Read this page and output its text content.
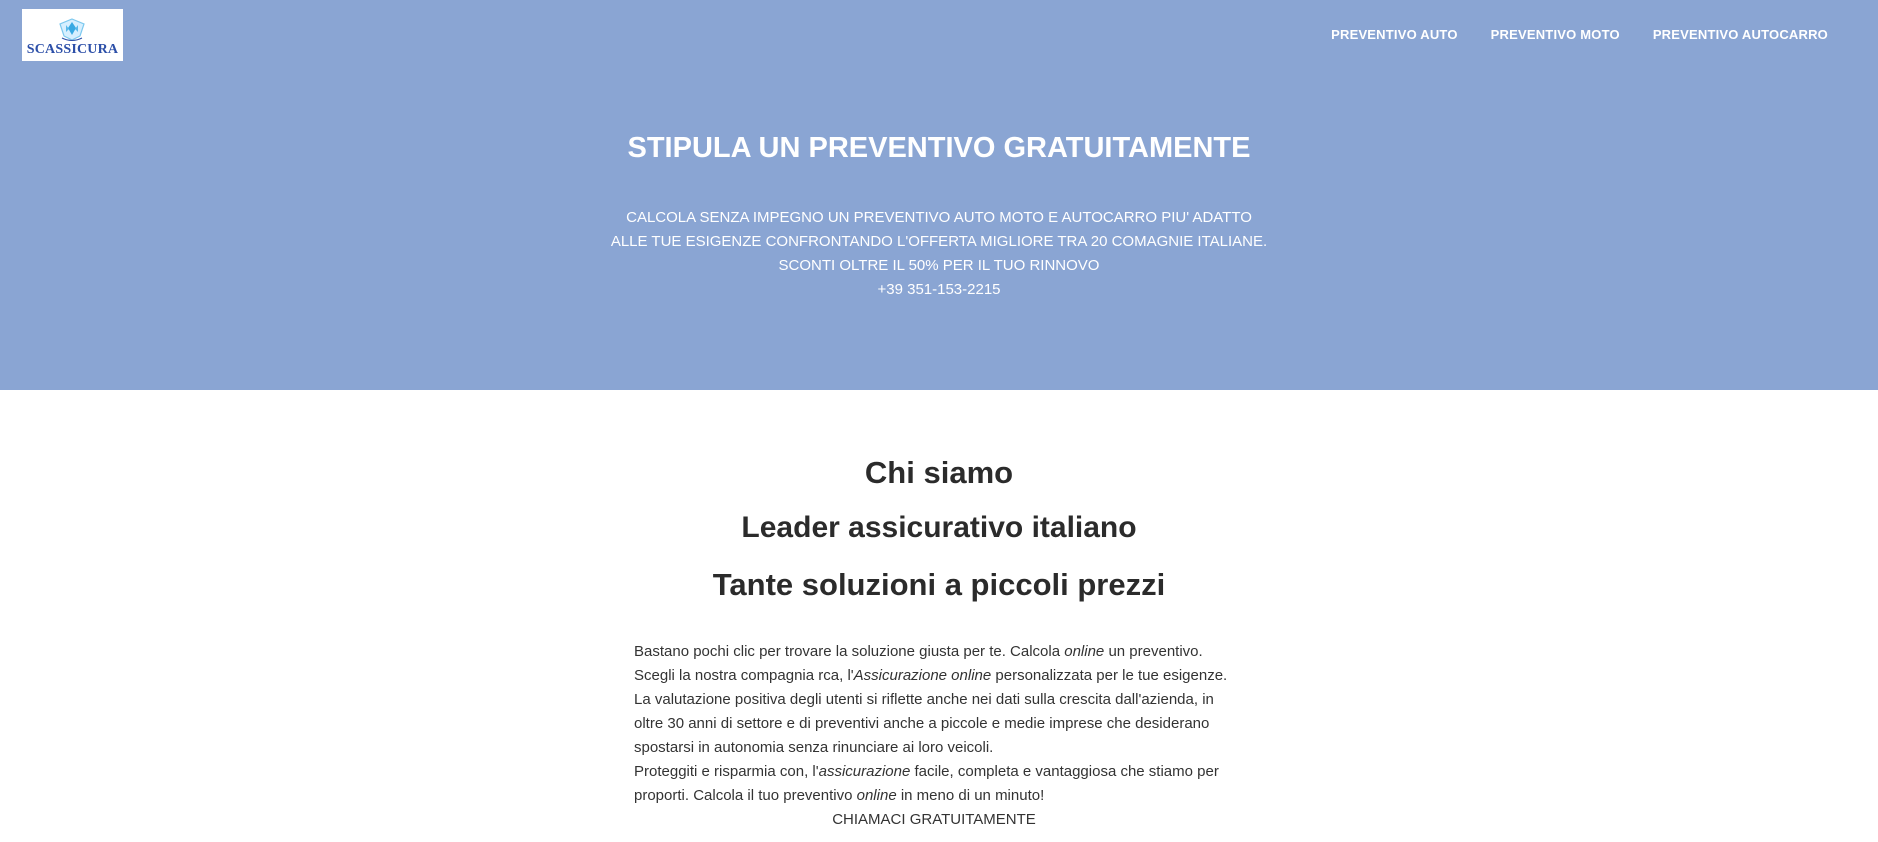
SCASSICURA
PREVENTIVO AUTO	PREVENTIVO MOTO	PREVENTIVO AUTOCARRO
STIPULA UN PREVENTIVO GRATUITAMENTE

CALCOLA SENZA IMPEGNO UN PREVENTIVO AUTO MOTO E AUTOCARRO PIU' ADATTO
ALLE TUE ESIGENZE CONFRONTANDO L'OFFERTA MIGLIORE TRA 20 COMAGNIE ITALIANE.
SCONTI OLTRE IL 50% PER IL TUO RINNOVO
+39 351-153-2215

Chi siamo
Leader assicurativo italiano
Tante soluzioni a piccoli prezzi

Bastano pochi clic per trovare la soluzione giusta per te. Calcola online un preventivo.

Scegli la nostra compagnia rca, l'Assicurazione online personalizzata per le tue esigenze.

La valutazione positiva degli utenti si riflette anche nei dati sulla crescita dall'azienda, in oltre 30 anni di settore e di preventivi anche a piccole e medie imprese che desiderano spostarsi in autonomia senza rinunciare ai loro veicoli.

Proteggiti e risparmia con, l'assicurazione facile, completa e vantaggiosa che stiamo per proporti. Calcola il tuo preventivo online in meno di un minuto!

CHIAMACI GRATUITAMENTE
